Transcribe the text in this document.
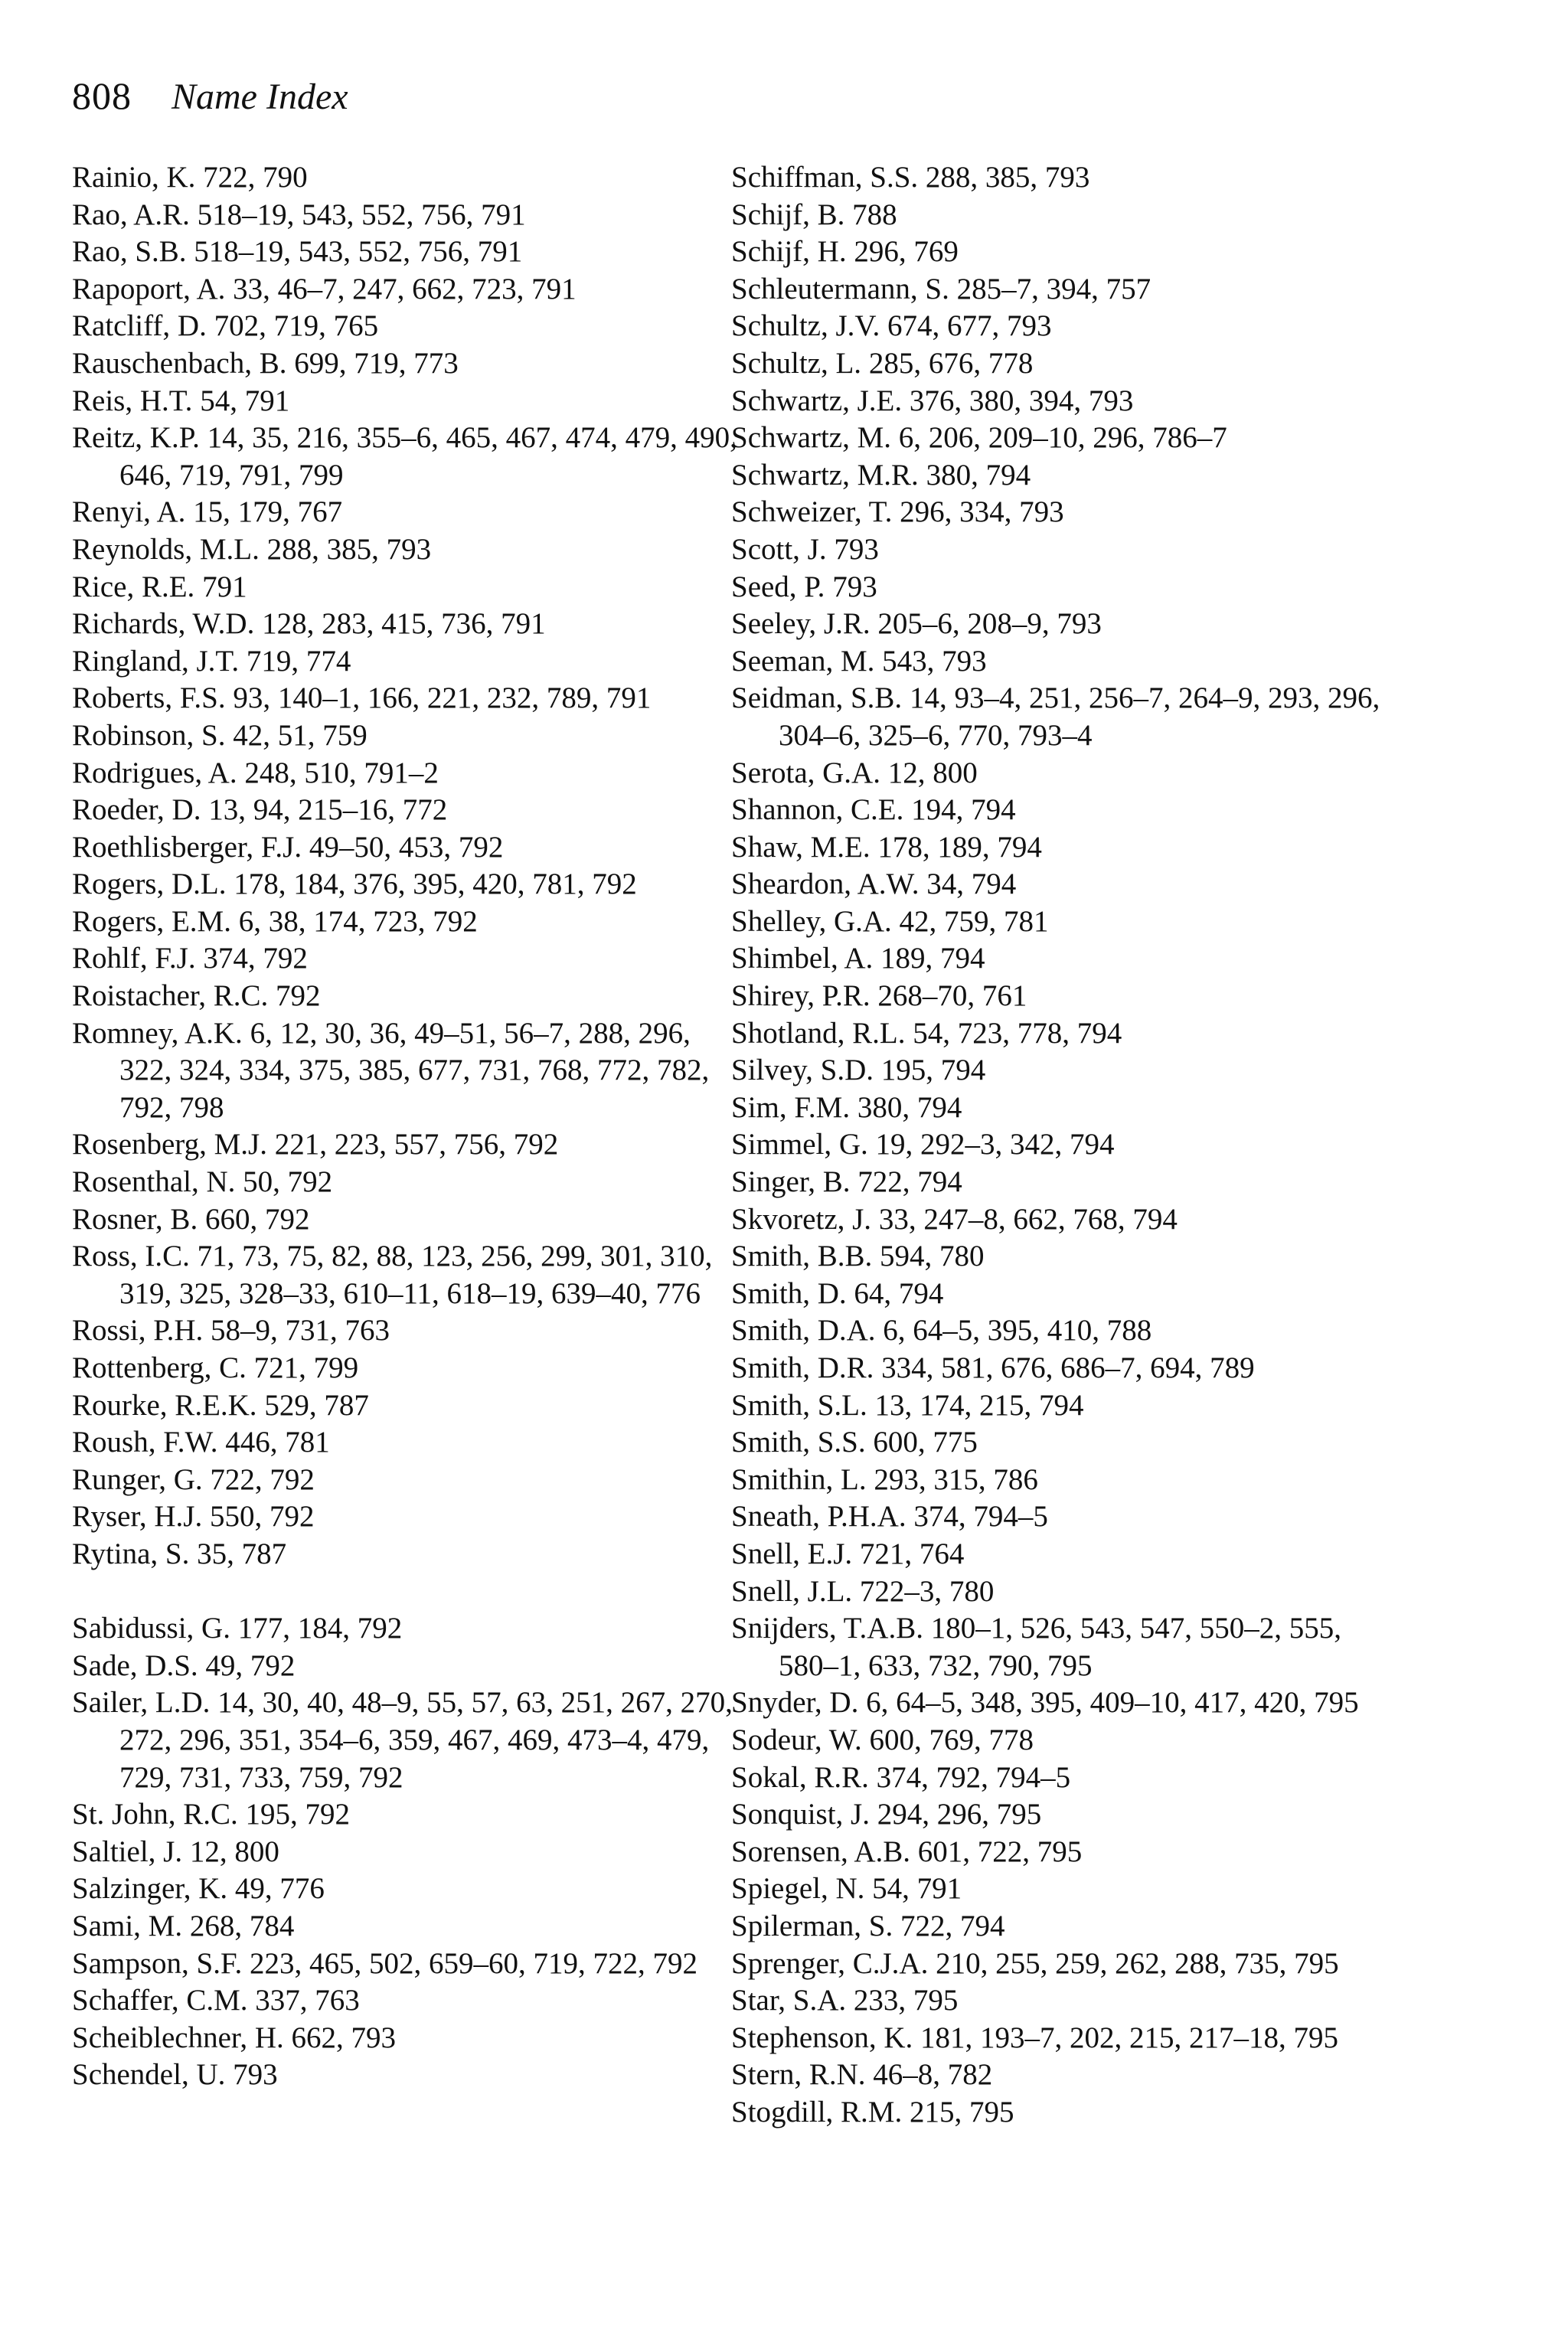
808 Name Index
Rainio, K. 722, 790
Rao, A.R. 518–19, 543, 552, 756, 791
Rao, S.B. 518–19, 543, 552, 756, 791
Rapoport, A. 33, 46–7, 247, 662, 723, 791
Ratcliff, D. 702, 719, 765
Rauschenbach, B. 699, 719, 773
Reis, H.T. 54, 791
Reitz, K.P. 14, 35, 216, 355–6, 465, 467, 474, 479, 490, 646, 719, 791, 799
Renyi, A. 15, 179, 767
Reynolds, M.L. 288, 385, 793
Rice, R.E. 791
Richards, W.D. 128, 283, 415, 736, 791
Ringland, J.T. 719, 774
Roberts, F.S. 93, 140–1, 166, 221, 232, 789, 791
Robinson, S. 42, 51, 759
Rodrigues, A. 248, 510, 791–2
Roeder, D. 13, 94, 215–16, 772
Roethlisberger, F.J. 49–50, 453, 792
Rogers, D.L. 178, 184, 376, 395, 420, 781, 792
Rogers, E.M. 6, 38, 174, 723, 792
Rohlf, F.J. 374, 792
Roistacher, R.C. 792
Romney, A.K. 6, 12, 30, 36, 49–51, 56–7, 288, 296, 322, 324, 334, 375, 385, 677, 731, 768, 772, 782, 792, 798
Rosenberg, M.J. 221, 223, 557, 756, 792
Rosenthal, N. 50, 792
Rosner, B. 660, 792
Ross, I.C. 71, 73, 75, 82, 88, 123, 256, 299, 301, 310, 319, 325, 328–33, 610–11, 618–19, 639–40, 776
Rossi, P.H. 58–9, 731, 763
Rottenberg, C. 721, 799
Rourke, R.E.K. 529, 787
Roush, F.W. 446, 781
Runger, G. 722, 792
Ryser, H.J. 550, 792
Rytina, S. 35, 787
Sabidussi, G. 177, 184, 792
Sade, D.S. 49, 792
Sailer, L.D. 14, 30, 40, 48–9, 55, 57, 63, 251, 267, 270, 272, 296, 351, 354–6, 359, 467, 469, 473–4, 479, 729, 731, 733, 759, 792
St. John, R.C. 195, 792
Saltiel, J. 12, 800
Salzinger, K. 49, 776
Sami, M. 268, 784
Sampson, S.F. 223, 465, 502, 659–60, 719, 722, 792
Schaffer, C.M. 337, 763
Scheiblechner, H. 662, 793
Schendel, U. 793
Schiffman, S.S. 288, 385, 793
Schijf, B. 788
Schijf, H. 296, 769
Schleutermann, S. 285–7, 394, 757
Schultz, J.V. 674, 677, 793
Schultz, L. 285, 676, 778
Schwartz, J.E. 376, 380, 394, 793
Schwartz, M. 6, 206, 209–10, 296, 786–7
Schwartz, M.R. 380, 794
Schweizer, T. 296, 334, 793
Scott, J. 793
Seed, P. 793
Seeley, J.R. 205–6, 208–9, 793
Seeman, M. 543, 793
Seidman, S.B. 14, 93–4, 251, 256–7, 264–9, 293, 296, 304–6, 325–6, 770, 793–4
Serota, G.A. 12, 800
Shannon, C.E. 194, 794
Shaw, M.E. 178, 189, 794
Sheardon, A.W. 34, 794
Shelley, G.A. 42, 759, 781
Shimbel, A. 189, 794
Shirey, P.R. 268–70, 761
Shotland, R.L. 54, 723, 778, 794
Silvey, S.D. 195, 794
Sim, F.M. 380, 794
Simmel, G. 19, 292–3, 342, 794
Singer, B. 722, 794
Skvoretz, J. 33, 247–8, 662, 768, 794
Smith, B.B. 594, 780
Smith, D. 64, 794
Smith, D.A. 6, 64–5, 395, 410, 788
Smith, D.R. 334, 581, 676, 686–7, 694, 789
Smith, S.L. 13, 174, 215, 794
Smith, S.S. 600, 775
Smithin, L. 293, 315, 786
Sneath, P.H.A. 374, 794–5
Snell, E.J. 721, 764
Snell, J.L. 722–3, 780
Snijders, T.A.B. 180–1, 526, 543, 547, 550–2, 555, 580–1, 633, 732, 790, 795
Snyder, D. 6, 64–5, 348, 395, 409–10, 417, 420, 795
Sodeur, W. 600, 769, 778
Sokal, R.R. 374, 792, 794–5
Sonquist, J. 294, 296, 795
Sorensen, A.B. 601, 722, 795
Spiegel, N. 54, 791
Spilerman, S. 722, 794
Sprenger, C.J.A. 210, 255, 259, 262, 288, 735, 795
Star, S.A. 233, 795
Stephenson, K. 181, 193–7, 202, 215, 217–18, 795
Stern, R.N. 46–8, 782
Stogdill, R.M. 215, 795
